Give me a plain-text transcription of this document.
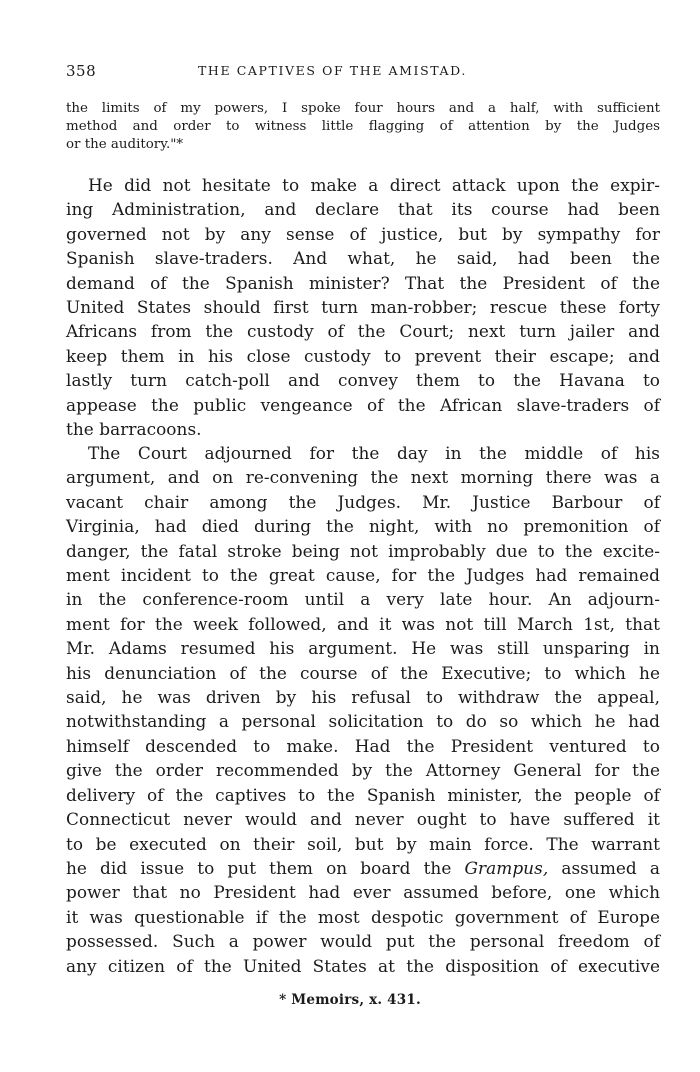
358	THE CAPTIVES OF THE AMISTAD.
the limits of my powers, I spoke four hours and a half, with sufficient
method and order to witness little flagging of attention by the Judges
or the auditory."*
He did not hesitate to make a direct attack upon the expir-
ing Administration, and declare that its course had been
governed not by any sense of justice, but by sympathy for
Spanish slave-traders. And what, he said, had been the
demand of the Spanish minister? That the President of the
United States should first turn man-robber; rescue these forty
Africans from the custody of the Court; next turn jailer and
keep them in his close custody to prevent their escape; and
lastly turn catch-poll and convey them to the Havana to
appease the public vengeance of the African slave-traders of
the barracoons.
The Court adjourned for the day in the middle of his
argument, and on re-convening the next morning there was a
vacant chair among the Judges. Mr. Justice Barbour of
Virginia, had died during the night, with no premonition of
danger, the fatal stroke being not improbably due to the excite-
ment incident to the great cause, for the Judges had remained
in the conference-room until a very late hour. An adjourn-
ment for the week followed, and it was not till March 1st, that
Mr. Adams resumed his argument. He was still unsparing in
his denunciation of the course of the Executive; to which he
said, he was driven by his refusal to withdraw the appeal,
notwithstanding a personal solicitation to do so which he had
himself descended to make. Had the President ventured to
give the order recommended by the Attorney General for the
delivery of the captives to the Spanish minister, the people of
Connecticut never would and never ought to have suffered it
to be executed on their soil, but by main force. The warrant
he did issue to put them on board the Grampus, assumed a
power that no President had ever assumed before, one which
it was questionable if the most despotic government of Europe
possessed. Such a power would put the personal freedom of
any citizen of the United States at the disposition of executive
* Memoirs, x. 431.
